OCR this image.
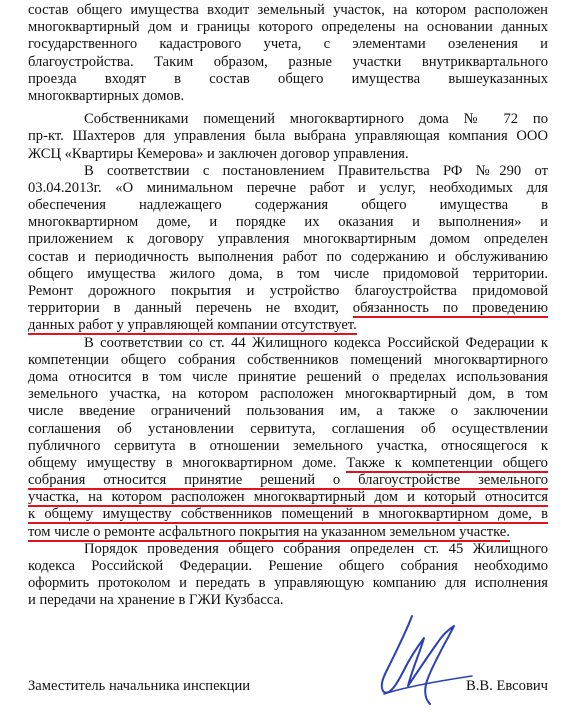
состав общего имущества входит земельный участок, на котором расположен
многоквартирный дом и границы которого определены на основании данных
государственного кадастрового учета, с элементами озеленения и
благоустройства. Таким образом, разные участки внутриквартального
проезда входят в состав общего имущества вышеуказанных
многоквартирных домов.
Собственниками помещений многоквартирного дома № 72 по
пр-кт. Шахтеров для управления была выбрана управляющая компания ООО
ЖСЦ «Квартиры Кемерова» и заключен договор управления.
В соответствии с постановлением Правительства РФ №290 от
03.04.2013г. «О минимальном перечне работ и услуг, необходимых для
обеспечения надлежащего содержания общего имущества в
многоквартирном доме, и порядке их оказания и выполнения» и
приложением к договору управления многоквартирным домом определен
состав и периодичность выполнения работ по содержанию и обслуживанию
общего имущества жилого дома, в том числе придомовой территории.
Ремонт дорожного покрытия и устройство благоустройства придомовой
территории в данный перечень не входит, обязанность по проведению
данных работ у управляющей компании отсутствует.
В соответствии со ст. 44 Жилищного кодекса Российской Федерации к
компетенции общего собрания собственников помещений многоквартирного
дома относится в том числе принятие решений о пределах использования
земельного участка, на котором расположен многоквартирный дом, в том
числе введение ограничений пользования им, а также о заключении
соглашения об установлении сервитута, соглашения об осуществлении
публичного сервитута в отношении земельного участка, относящегося к
общему имуществу в многоквартирном доме. Также к компетенции общего
собрания относится принятие решений о благоустройстве земельного
участка, на котором расположен многоквартирный дом и который относится
к общему имуществу собственников помещений в многоквартирном доме, в
том числе о ремонте асфальтного покрытия на указанном земельном участке.
Порядок проведения общего собрания определен ст. 45 Жилищного
кодекса Российской Федерации. Решение общего собрания необходимо
оформить протоколом и передать в управляющую компанию для исполнения
и передачи на хранение в ГЖИ Кузбасса.
Заместитель начальника инспекции	В.В. Евсович
